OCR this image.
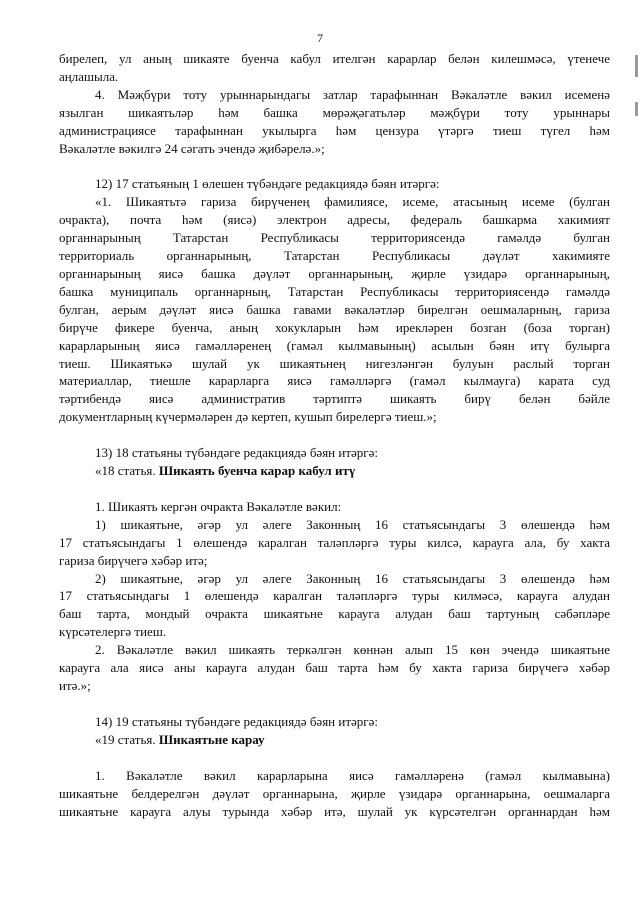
7

бирелеп, ул аның шикаяте буенча кабул ителгән карарлар белән килешмәсә, үтенече

аңлашыла.

4. Мәҗбүри тоту урыннарындагы затлар тарафыннан Вәкаләтле вәкил исеменә

язылган шикаятьләр һәм башка мөрәҗәгатьләр мәҗбүри тоту урыннары

администрациясе тарафыннан укылырга һәм цензура үтәргә тиеш түгел һәм

Вәкаләтле вәкилгә 24 сәгать эчендә җибәрелә.»;

12) 17 статьяның 1 өлешен түбәндәге редакциядә бәян итәргә:

«1. Шикаятьтә гариза бирүченең фамилиясе, исеме, атасының исеме (булган

очракта), почта һәм (яисә) электрон адресы, федераль башкарма хакимият

органнарының Татарстан Республикасы территориясендә гамәлдә булган

территориаль органнарының, Татарстан Республикасы дәүләт хакимияте

органнарының яисә башка дәүләт органнарының, җирле үзидарә органнарының,

башка муниципаль органнарның, Татарстан Республикасы территориясендә гамәлдә

булган, аерым дәүләт яисә башка гавами вәкаләтләр бирелгән оешмаларның, гариза

бирүче фикере буенча, аның хокукларын һәм ирекләрен бозган (боза торган)

карарларының яисә гамәлләренең (гамәл кылмавының) асылын бәян итү булырга

тиеш. Шикаятькә шулай ук шикаятьнең нигезләнгән булуын раслый торган

материаллар, тиешле карарларга яисә гамәлләргә (гамәл кылмауга) карата суд

тәртибендә яисә административ тәртиптә шикаять бирү белән бәйле

документларның күчермәләрен дә кертеп, кушып бирелергә тиеш.»;

13) 18 статьяны түбәндәге редакциядә бәян итәргә:

«18 статья. Шикаять буенча карар кабул итү

1. Шикаять кергән очракта Вәкаләтле вәкил:

1) шикаятьне, әгәр ул әлеге Законның 16 статьясындагы 3 өлешендә һәм

17 статьясындагы 1 өлешендә каралган таләпләргә туры килсә, карауга ала, бу хакта

гариза бирүчегә хәбәр итә;

2) шикаятьне, әгәр ул әлеге Законның 16 статьясындагы 3 өлешендә һәм

17 статьясындагы 1 өлешендә каралган таләпләргә туры килмәсә, карауга алудан

баш тарта, мондый очракта шикаятьне карауга алудан баш тартуның сәбәпләре

күрсәтелергә тиеш.

2. Вәкаләтле вәкил шикаять теркәлгән көннән алып 15 көн эчендә шикаятьне

карауга ала яисә аны карауга алудан баш тарта һәм бу хакта гариза бирүчегә хәбәр

итә.»;

14) 19 статьяны түбәндәге редакциядә бәян итәргә:

«19 статья. Шикаятьне карау

1. Вәкаләтле вәкил карарларына яисә гамәлләренә (гамәл кылмавына)

шикаятьне белдерелгән дәүләт органнарына, җирле үзидарә органнарына, оешмаларга

шикаятьне карауга алуы турында хәбәр итә, шулай ук күрсәтелгән органнардан һәм
